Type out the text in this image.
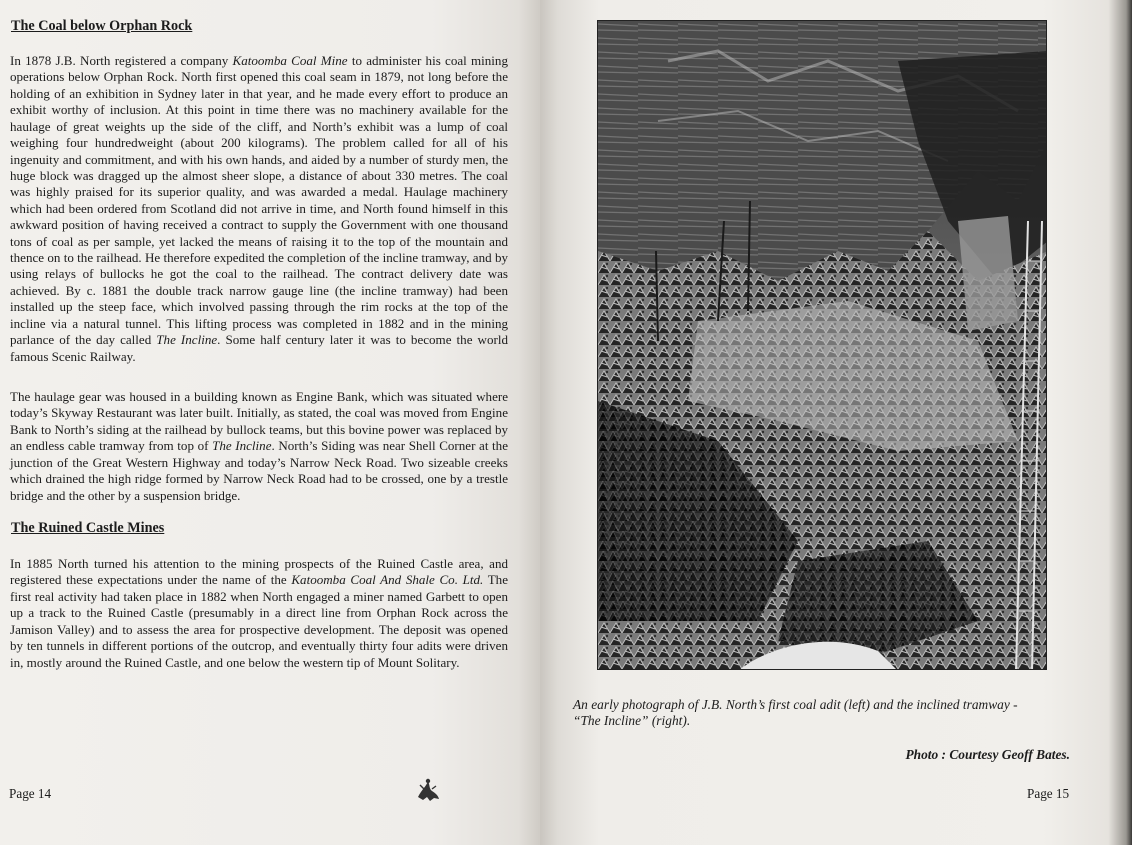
The Coal below Orphan Rock

In 1878 J.B. North registered a company Katoomba Coal Mine to administer his coal mining operations below Orphan Rock. North first opened this coal seam in 1879, not long before the holding of an exhibition in Sydney later in that year, and he made every effort to produce an exhibit worthy of inclusion. At this point in time there was no machinery available for the haulage of great weights up the side of the cliff, and North’s exhibit was a lump of coal weighing four hundredweight (about 200 kilograms). The problem called for all of his ingenuity and commitment, and with his own hands, and aided by a number of sturdy men, the huge block was dragged up the almost sheer slope, a distance of about 330 metres. The coal was highly praised for its superior quality, and was awarded a medal. Haulage machinery which had been ordered from Scotland did not arrive in time, and North found himself in this awkward position of having received a contract to supply the Government with one thousand tons of coal as per sample, yet lacked the means of raising it to the top of the mountain and thence on to the railhead. He therefore expedited the completion of the incline tramway, and by using relays of bullocks he got the coal to the railhead. The contract delivery date was achieved. By c. 1881 the double track narrow gauge line (the incline tramway) had been installed up the steep face, which involved passing through the rim rocks at the top of the incline via a natural tunnel. This lifting process was completed in 1882 and in the mining parlance of the day called The Incline. Some half century later it was to become the world famous Scenic Railway.

The haulage gear was housed in a building known as Engine Bank, which was situated where today’s Skyway Restaurant was later built. Initially, as stated, the coal was moved from Engine Bank to North’s siding at the railhead by bullock teams, but this bovine power was replaced by an endless cable tramway from top of The Incline. North’s Siding was near Shell Corner at the junction of the Great Western Highway and today’s Narrow Neck Road. Two sizeable creeks which drained the high ridge formed by Narrow Neck Road had to be crossed, one by a trestle bridge and the other by a suspension bridge.

The Ruined Castle Mines

In 1885 North turned his attention to the mining prospects of the Ruined Castle area, and registered these expectations under the name of the Katoomba Coal And Shale Co. Ltd. The first real activity had taken place in 1882 when North engaged a miner named Garbett to open up a track to the Ruined Castle (presumably in a direct line from Orphan Rock across the Jamison Valley) and to assess the area for prospective development. The deposit was opened by ten tunnels in different portions of the outcrop, and eventually thirty four adits were driven in, mostly around the Ruined Castle, and one below the western tip of Mount Solitary.

Page 14

An early photograph of J.B. North’s first coal adit (left) and the inclined tramway -
“The Incline” (right).

Photo : Courtesy Geoff Bates.

Page 15
